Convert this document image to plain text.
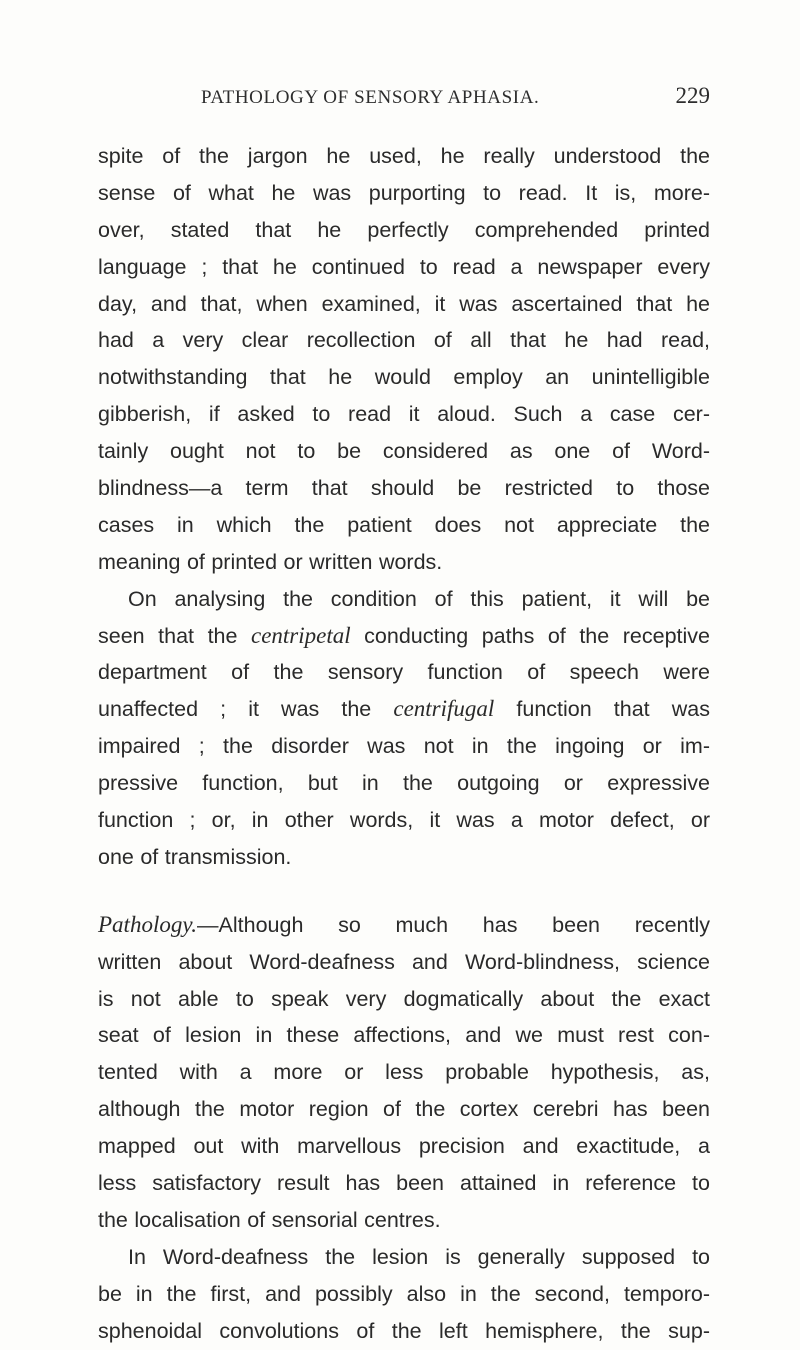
PATHOLOGY OF SENSORY APHASIA.	229
spite of the jargon he used, he really understood the
sense of what he was purporting to read. It is, more-
over, stated that he perfectly comprehended printed
language ; that he continued to read a newspaper every
day, and that, when examined, it was ascertained that he
had a very clear recollection of all that he had read,
notwithstanding that he would employ an unintelligible
gibberish, if asked to read it aloud. Such a case cer-
tainly ought not to be considered as one of Word-
blindness—a term that should be restricted to those
cases in which the patient does not appreciate the
meaning of printed or written words.
On analysing the condition of this patient, it will be
seen that the centripetal conducting paths of the receptive
department of the sensory function of speech were
unaffected ; it was the centrifugal function that was
impaired ; the disorder was not in the ingoing or im-
pressive function, but in the outgoing or expressive
function ; or, in other words, it was a motor defect, or
one of transmission.
Pathology.—Although so much has been recently
written about Word-deafness and Word-blindness, science
is not able to speak very dogmatically about the exact
seat of lesion in these affections, and we must rest con-
tented with a more or less probable hypothesis, as,
although the motor region of the cortex cerebri has been
mapped out with marvellous precision and exactitude, a
less satisfactory result has been attained in reference to
the localisation of sensorial centres.
In Word-deafness the lesion is generally supposed to
be in the first, and possibly also in the second, temporo-
sphenoidal convolutions of the left hemisphere, the sup-
